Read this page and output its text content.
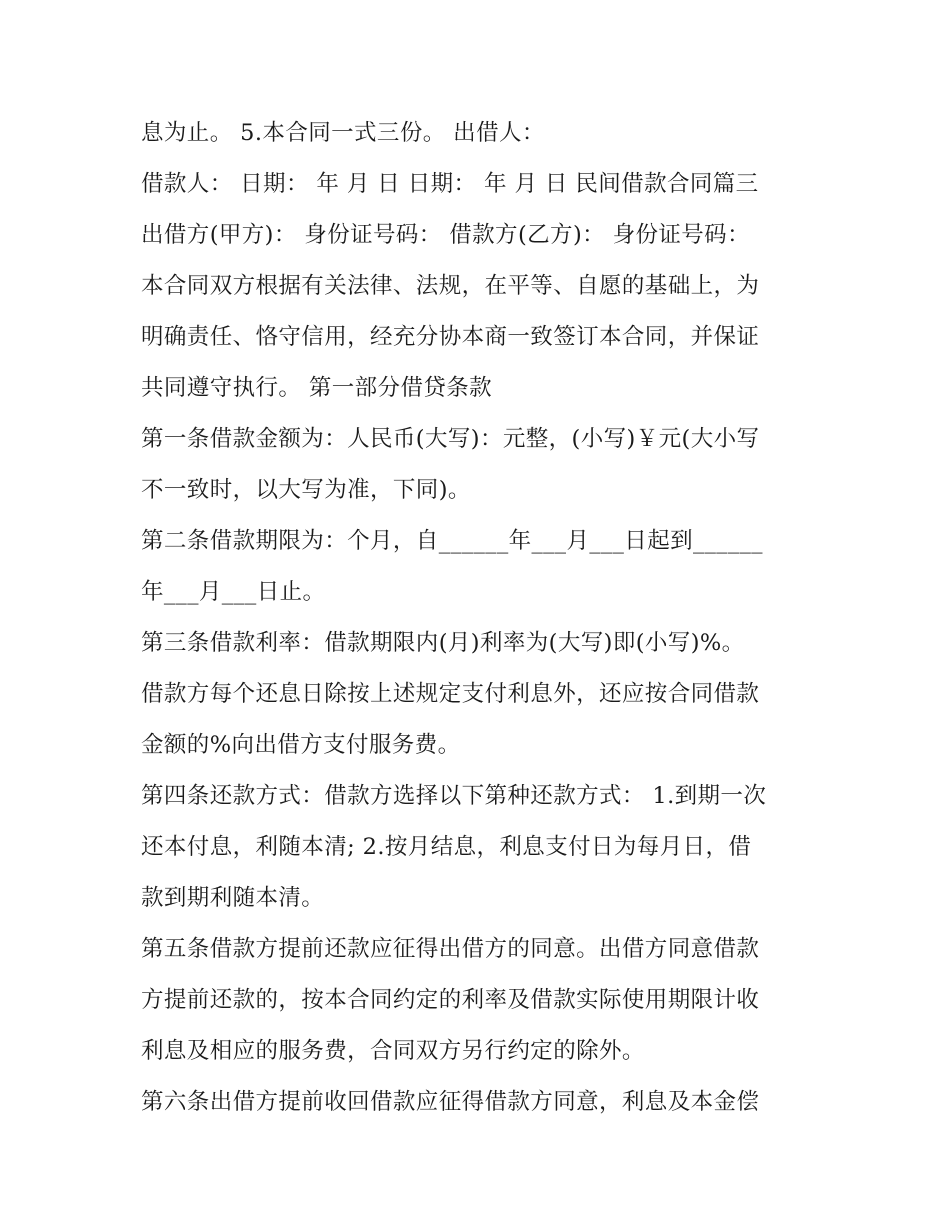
息为止。 5.本合同一式三份。 出借人：
借款人： 日期： 年 月 日 日期： 年 月 日 民间借款合同篇三
出借方(甲方)： 身份证号码： 借款方(乙方)： 身份证号码：
本合同双方根据有关法律、法规，在平等、自愿的基础上，为
明确责任、恪守信用，经充分协本商一致签订本合同，并保证
共同遵守执行。 第一部分借贷条款
第一条借款金额为：人民币(大写)：元整，(小写)￥元(大小写
不一致时，以大写为准，下同)。
第二条借款期限为：个月，自______年___月___日起到______
年___月___日止。
第三条借款利率：借款期限内(月)利率为(大写)即(小写)%。
借款方每个还息日除按上述规定支付利息外，还应按合同借款
金额的%向出借方支付服务费。
第四条还款方式：借款方选择以下第种还款方式： 1.到期一次
还本付息，利随本清; 2.按月结息，利息支付日为每月日，借
款到期利随本清。
第五条借款方提前还款应征得出借方的同意。出借方同意借款
方提前还款的，按本合同约定的利率及借款实际使用期限计收
利息及相应的服务费，合同双方另行约定的除外。
第六条出借方提前收回借款应征得借款方同意，利息及本金偿
